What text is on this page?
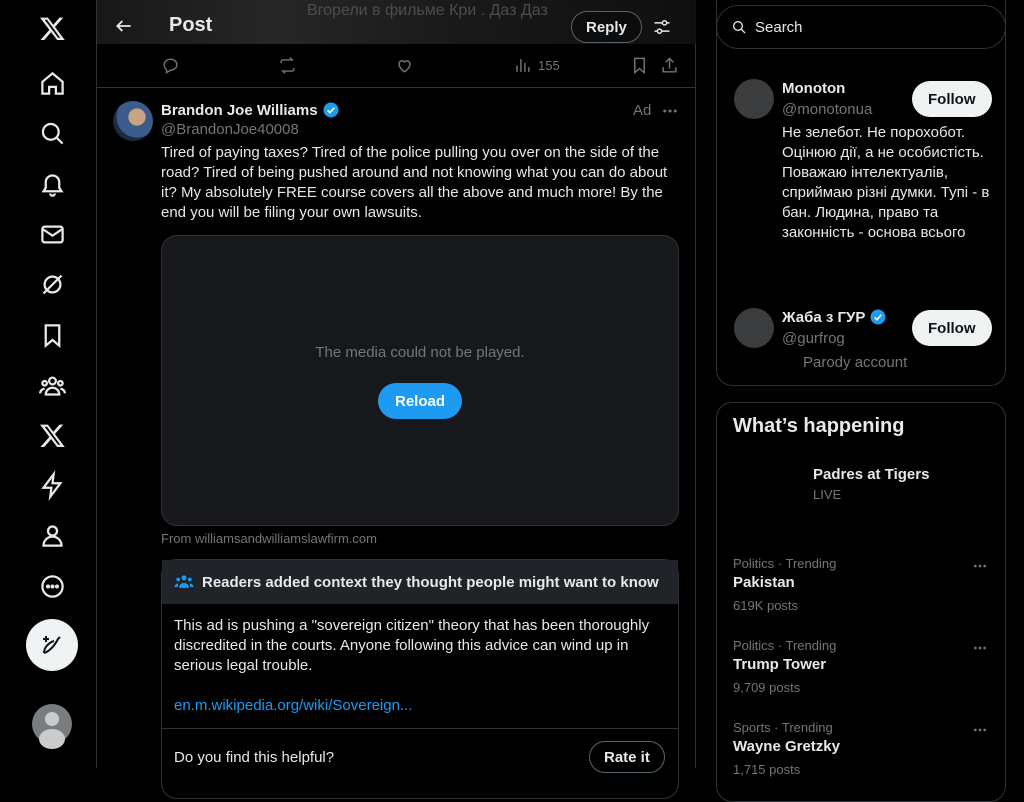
Вгорели в фильме Кри . Даз Даз
Post	Reply
155
Brandon Joe Williams
@BrandonJoe40008
Ad
Tired of paying taxes? Tired of the police pulling you over on the side of the road? Tired of being pushed around and not knowing what you can do about it? My absolutely FREE course covers all the above and much more! By the end you will be filing your own lawsuits.
The media could not be played.
Reload
From williamsandwilliamslawfirm.com
Readers added context they thought people might want to know
This ad is pushing a "sovereign citizen" theory that has been thoroughly discredited in the courts. Anyone following this advice can wind up in serious legal trouble.
en.m.wikipedia.org/wiki/Sovereign...
Do you find this helpful?	Rate it
Monoton
@monotonua
Follow
Не зелебот. Не порохобот. Оцінюю дії, а не особистість. Поважаю інтелектуалів, сприймаю різні думки. Тупі - в бан. Людина, право та законність - основа всього
Жаба з ГУР
@gurfrog
Follow
Parody account
Search
What’s happening
Padres at Tigers
LIVE
Politics · Trending
Pakistan
619K posts
Politics · Trending
Trump Tower
9,709 posts
Sports · Trending
Wayne Gretzky
1,715 posts
